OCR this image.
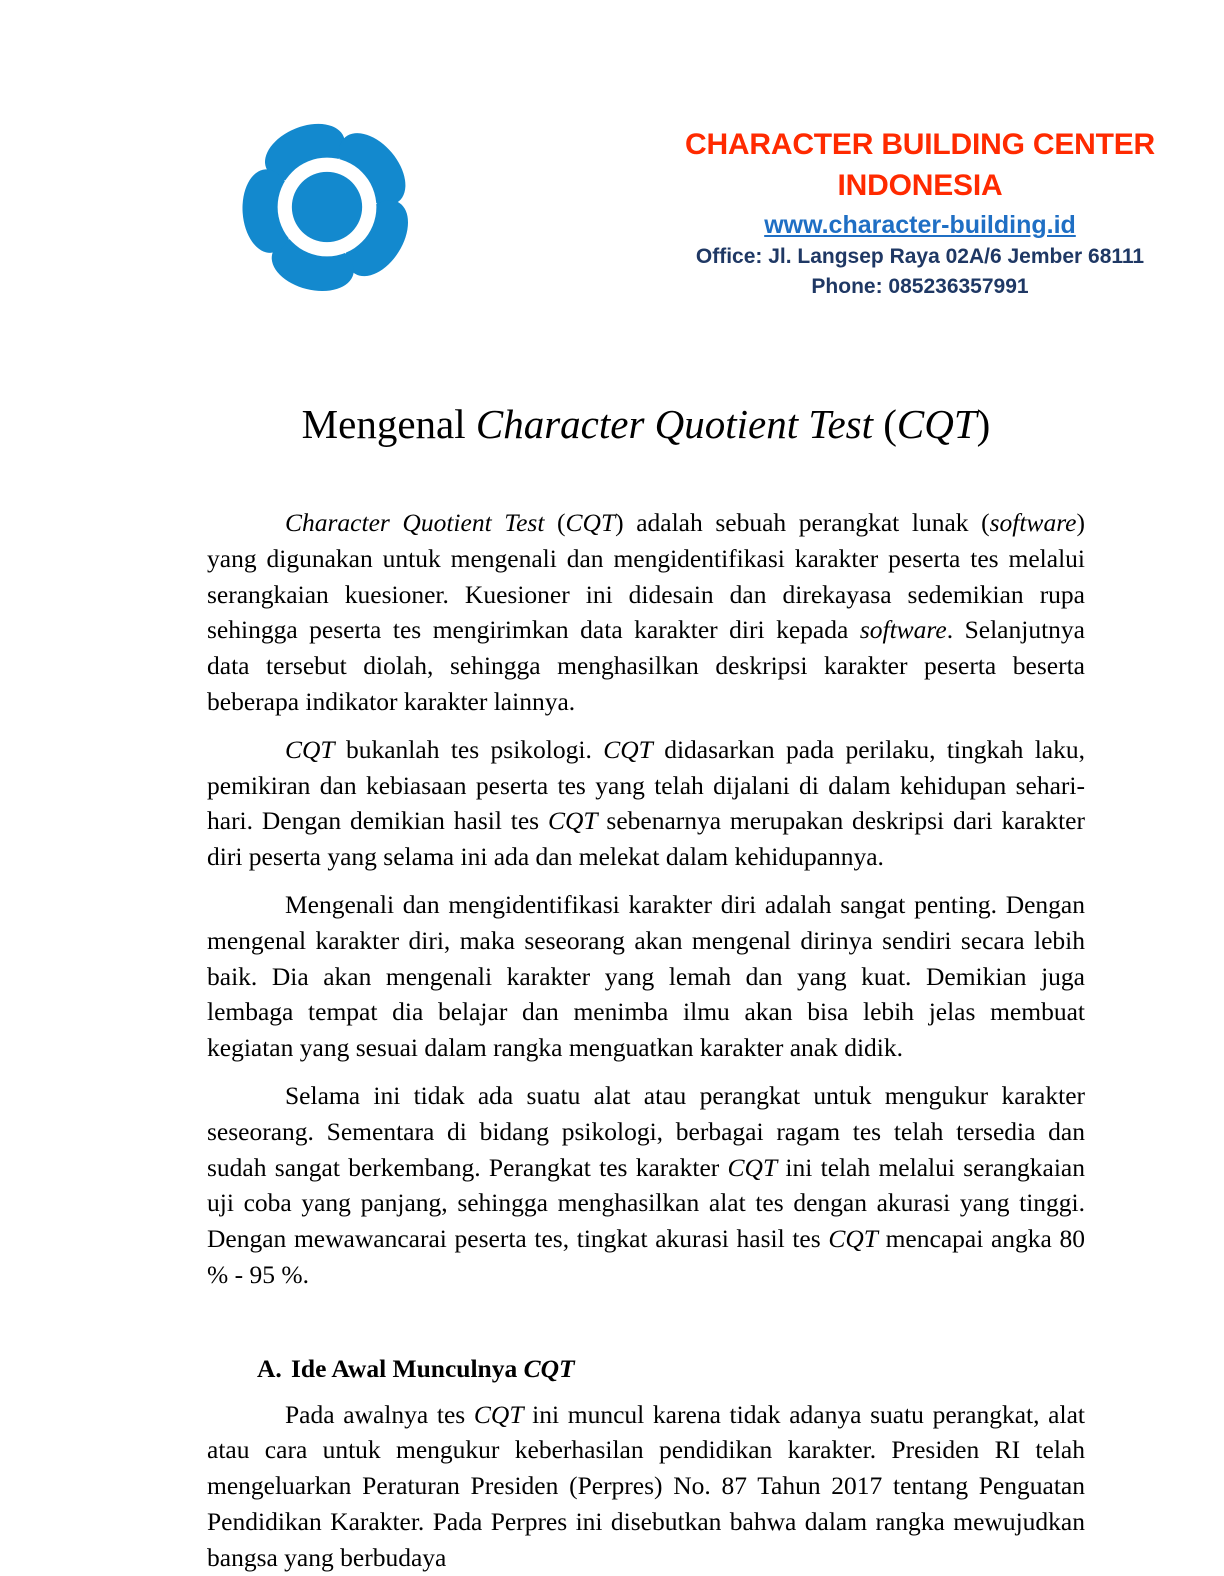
CHARACTER BUILDING CENTER
INDONESIA
www.character-building.id
Office: Jl. Langsep Raya 02A/6 Jember 68111
Phone: 085236357991
Mengenal Character Quotient Test (CQT)

Character Quotient Test (CQT) adalah sebuah perangkat lunak (software) yang digunakan untuk mengenali dan mengidentifikasi karakter peserta tes melalui serangkaian kuesioner. Kuesioner ini didesain dan direkayasa sedemikian rupa sehingga peserta tes mengirimkan data karakter diri kepada software. Selanjutnya data tersebut diolah, sehingga menghasilkan deskripsi karakter peserta beserta beberapa indikator karakter lainnya.

CQT bukanlah tes psikologi. CQT didasarkan pada perilaku, tingkah laku, pemikiran dan kebiasaan peserta tes yang telah dijalani di dalam kehidupan sehari-hari. Dengan demikian hasil tes CQT sebenarnya merupakan deskripsi dari karakter diri peserta yang selama ini ada dan melekat dalam kehidupannya.

Mengenali dan mengidentifikasi karakter diri adalah sangat penting. Dengan mengenal karakter diri, maka seseorang akan mengenal dirinya sendiri secara lebih baik. Dia akan mengenali karakter yang lemah dan yang kuat. Demikian juga lembaga tempat dia belajar dan menimba ilmu akan bisa lebih jelas membuat kegiatan yang sesuai dalam rangka menguatkan karakter anak didik.

Selama ini tidak ada suatu alat atau perangkat untuk mengukur karakter seseorang. Sementara di bidang psikologi, berbagai ragam tes telah tersedia dan sudah sangat berkembang. Perangkat tes karakter CQT ini telah melalui serangkaian uji coba yang panjang, sehingga menghasilkan alat tes dengan akurasi yang tinggi. Dengan mewawancarai peserta tes, tingkat akurasi hasil tes CQT mencapai angka 80 % - 95 %.

A. Ide Awal Munculnya CQT

Pada awalnya tes CQT ini muncul karena tidak adanya suatu perangkat, alat atau cara untuk mengukur keberhasilan pendidikan karakter. Presiden RI telah mengeluarkan Peraturan Presiden (Perpres) No. 87 Tahun 2017 tentang Penguatan Pendidikan Karakter. Pada Perpres ini disebutkan bahwa dalam rangka mewujudkan bangsa yang berbudaya
